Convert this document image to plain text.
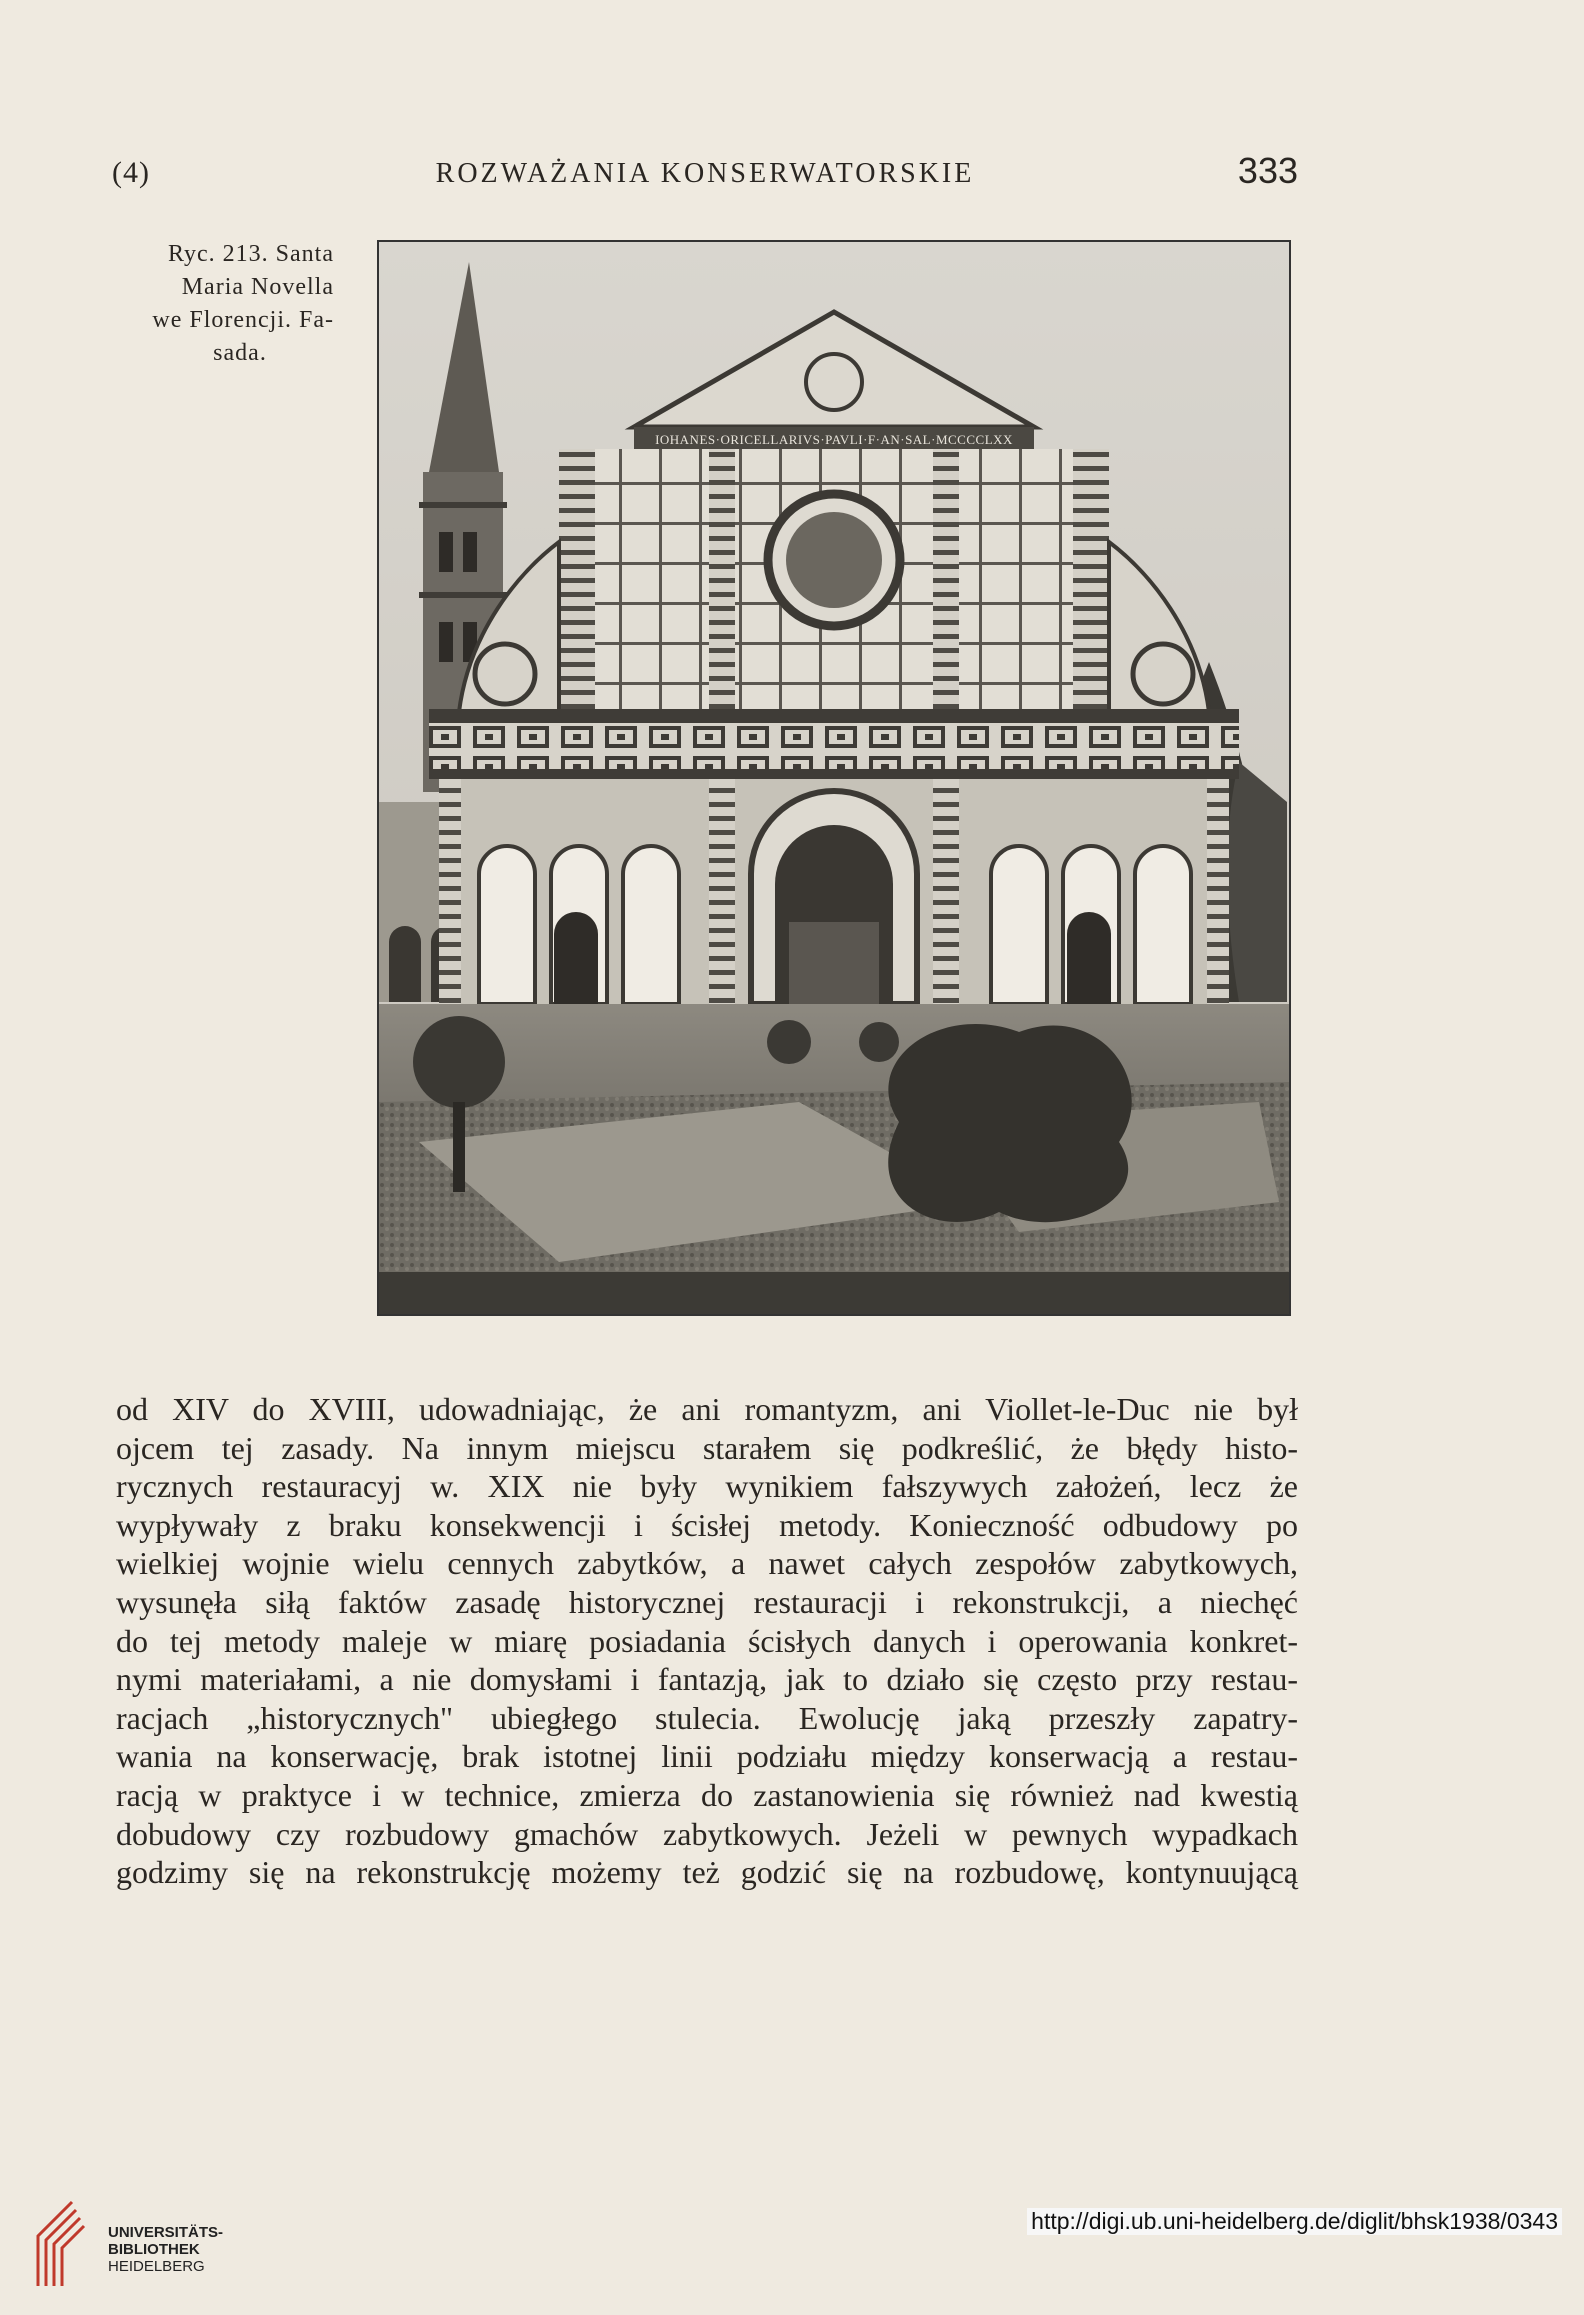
(4)	ROZWAŻANIA KONSERWATORSKIE	333
Ryc. 213. Santa
Maria Novella
we Florencji. Fa-
sada.
IOHANES·ORICELLARIVS·PAVLI·F·AN·SAL·MCCCCLXX
od XIV do XVIII, udowadniając, że ani romantyzm, ani Viollet-le-Duc nie był
ojcem tej zasady. Na innym miejscu starałem się podkreślić, że błędy histo-
rycznych restauracyj w. XIX nie były wynikiem fałszywych założeń, lecz że
wypływały z braku konsekwencji i ścisłej metody. Konieczność odbudowy po
wielkiej wojnie wielu cennych zabytków, a nawet całych zespołów zabytkowych,
wysunęła siłą faktów zasadę historycznej restauracji i rekonstrukcji, a niechęć
do tej metody maleje w miarę posiadania ścisłych danych i operowania konkret-
nymi materiałami, a nie domysłami i fantazją, jak to działo się często przy restau-
racjach „historycznych" ubiegłego stulecia. Ewolucję jaką przeszły zapatry-
wania na konserwację, brak istotnej linii podziału między konserwacją a restau-
racją w praktyce i w technice, zmierza do zastanowienia się również nad kwestią
dobudowy czy rozbudowy gmachów zabytkowych. Jeżeli w pewnych wypadkach
godzimy się na rekonstrukcję możemy też godzić się na rozbudowę, kontynuującą
UNIVERSITÄTS-
BIBLIOTHEK
HEIDELBERG
http://digi.ub.uni-heidelberg.de/diglit/bhsk1938/0343
